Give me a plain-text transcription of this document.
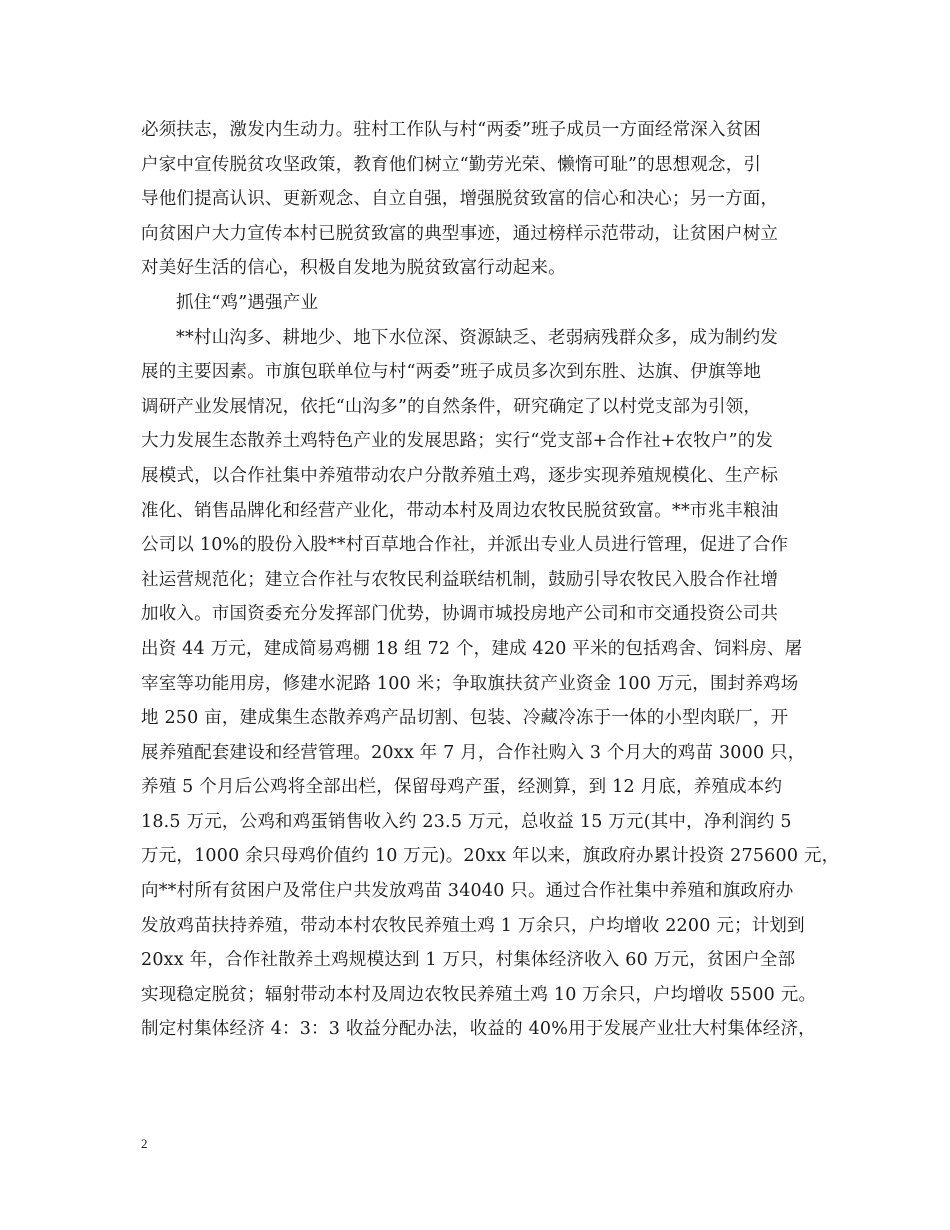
必须扶志，激发内生动力。驻村工作队与村“两委”班子成员一方面经常深入贫困
户家中宣传脱贫攻坚政策，教育他们树立“勤劳光荣、懒惰可耻”的思想观念，引
导他们提高认识、更新观念、自立自强，增强脱贫致富的信心和决心；另一方面，
向贫困户大力宣传本村已脱贫致富的典型事迹，通过榜样示范带动，让贫困户树立
对美好生活的信心，积极自发地为脱贫致富行动起来。
抓住“鸡”遇强产业
**村山沟多、耕地少、地下水位深、资源缺乏、老弱病残群众多，成为制约发
展的主要因素。市旗包联单位与村“两委”班子成员多次到东胜、达旗、伊旗等地
调研产业发展情况，依托“山沟多”的自然条件，研究确定了以村党支部为引领，
大力发展生态散养土鸡特色产业的发展思路；实行“党支部+合作社+农牧户”的发
展模式，以合作社集中养殖带动农户分散养殖土鸡，逐步实现养殖规模化、生产标
准化、销售品牌化和经营产业化，带动本村及周边农牧民脱贫致富。**市兆丰粮油
公司以 10%的股份入股**村百草地合作社，并派出专业人员进行管理，促进了合作
社运营规范化；建立合作社与农牧民利益联结机制，鼓励引导农牧民入股合作社增
加收入。市国资委充分发挥部门优势，协调市城投房地产公司和市交通投资公司共
出资 44 万元，建成简易鸡棚 18 组 72 个，建成 420 平米的包括鸡舍、饲料房、屠
宰室等功能用房，修建水泥路 100 米；争取旗扶贫产业资金 100 万元，围封养鸡场
地 250 亩，建成集生态散养鸡产品切割、包装、冷藏冷冻于一体的小型肉联厂，开
展养殖配套建设和经营管理。20xx 年 7 月，合作社购入 3 个月大的鸡苗 3000 只，
养殖 5 个月后公鸡将全部出栏，保留母鸡产蛋，经测算，到 12 月底，养殖成本约
18.5 万元，公鸡和鸡蛋销售收入约 23.5 万元，总收益 15 万元(其中，净利润约 5
万元，1000 余只母鸡价值约 10 万元)。20xx 年以来，旗政府办累计投资 275600 元，
向**村所有贫困户及常住户共发放鸡苗 34040 只。通过合作社集中养殖和旗政府办
发放鸡苗扶持养殖，带动本村农牧民养殖土鸡 1 万余只，户均增收 2200 元；计划到
20xx 年，合作社散养土鸡规模达到 1 万只，村集体经济收入 60 万元，贫困户全部
实现稳定脱贫；辐射带动本村及周边农牧民养殖土鸡 10 万余只，户均增收 5500 元。
制定村集体经济 4：3：3 收益分配办法，收益的 40%用于发展产业壮大村集体经济，
2
